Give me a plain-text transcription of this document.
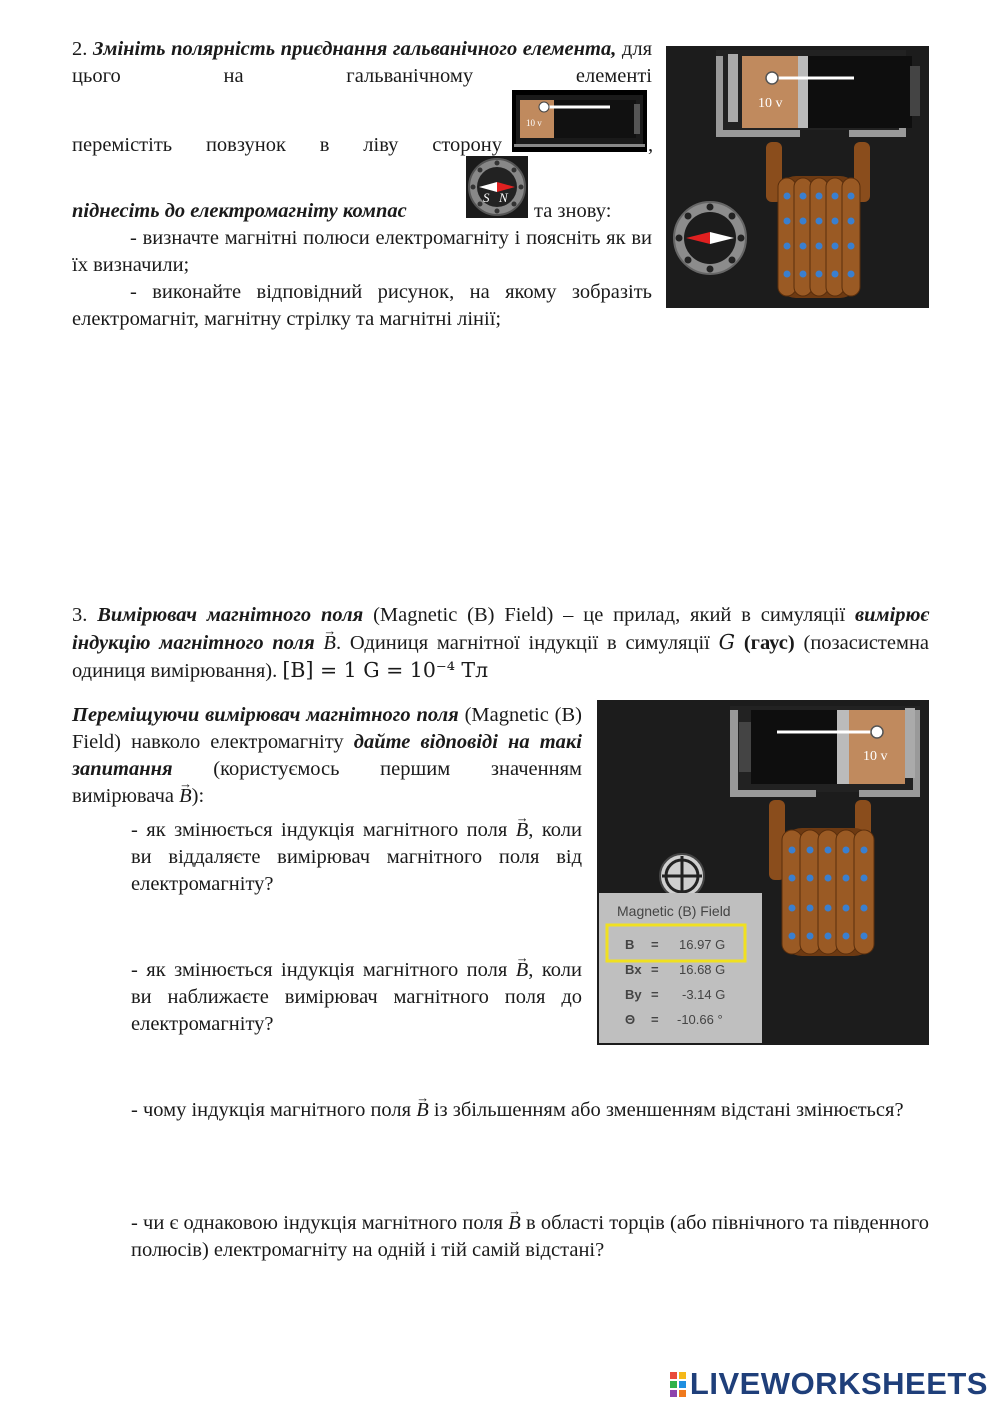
2. Змініть полярність приєднання гальванічного елемента, для цього на гальванічному елементі
перемістіть повзунок в ліву сторону
10 v
,
піднесіть до електромагніту компас
S N
та знову:
- визначте магнітні полюси електромагніту і поясніть як ви їх визначили;
- виконайте відповідний рисунок, на якому зобразіть електромагніт, магнітну стрілку та магнітні лінії;
10 v
3. Вимірювач магнітного поля (Magnetic (B) Field) – це прилад, який в симуляції вимірює індукцію магнітного поля → B. Одиниця магнітної індукції в симуляції G (гаус) (позасистемна одиниця вимірювання). [B] = 1 G = 10⁻⁴ Тл
Переміщуючи вимірювач магнітного поля (Magnetic (B) Field) навколо електромагніту дайте відповіді на такі запитання (користуємось першим значенням вимірювача → B):
- як змінюється індукція магнітного поля → B, коли ви віддаляєте вимірювач магнітного поля від електромагніту?
- як змінюється індукція магнітного поля → B, коли ви наближаєте вимірювач магнітного поля до електромагніту?
- чому індукція магнітного поля → B із збільшенням або зменшенням відстані змінюється?
- чи є однаковою індукція магнітного поля → B в області торців (або північного та південного полюсів) електромагніту на одній і тій самій відстані?
10 v
Magnetic (B) Field
B = 16.97 G
Bx = 16.68 G
By = -3.14 G
Θ = -10.66 °
LIVEWORKSHEETS
